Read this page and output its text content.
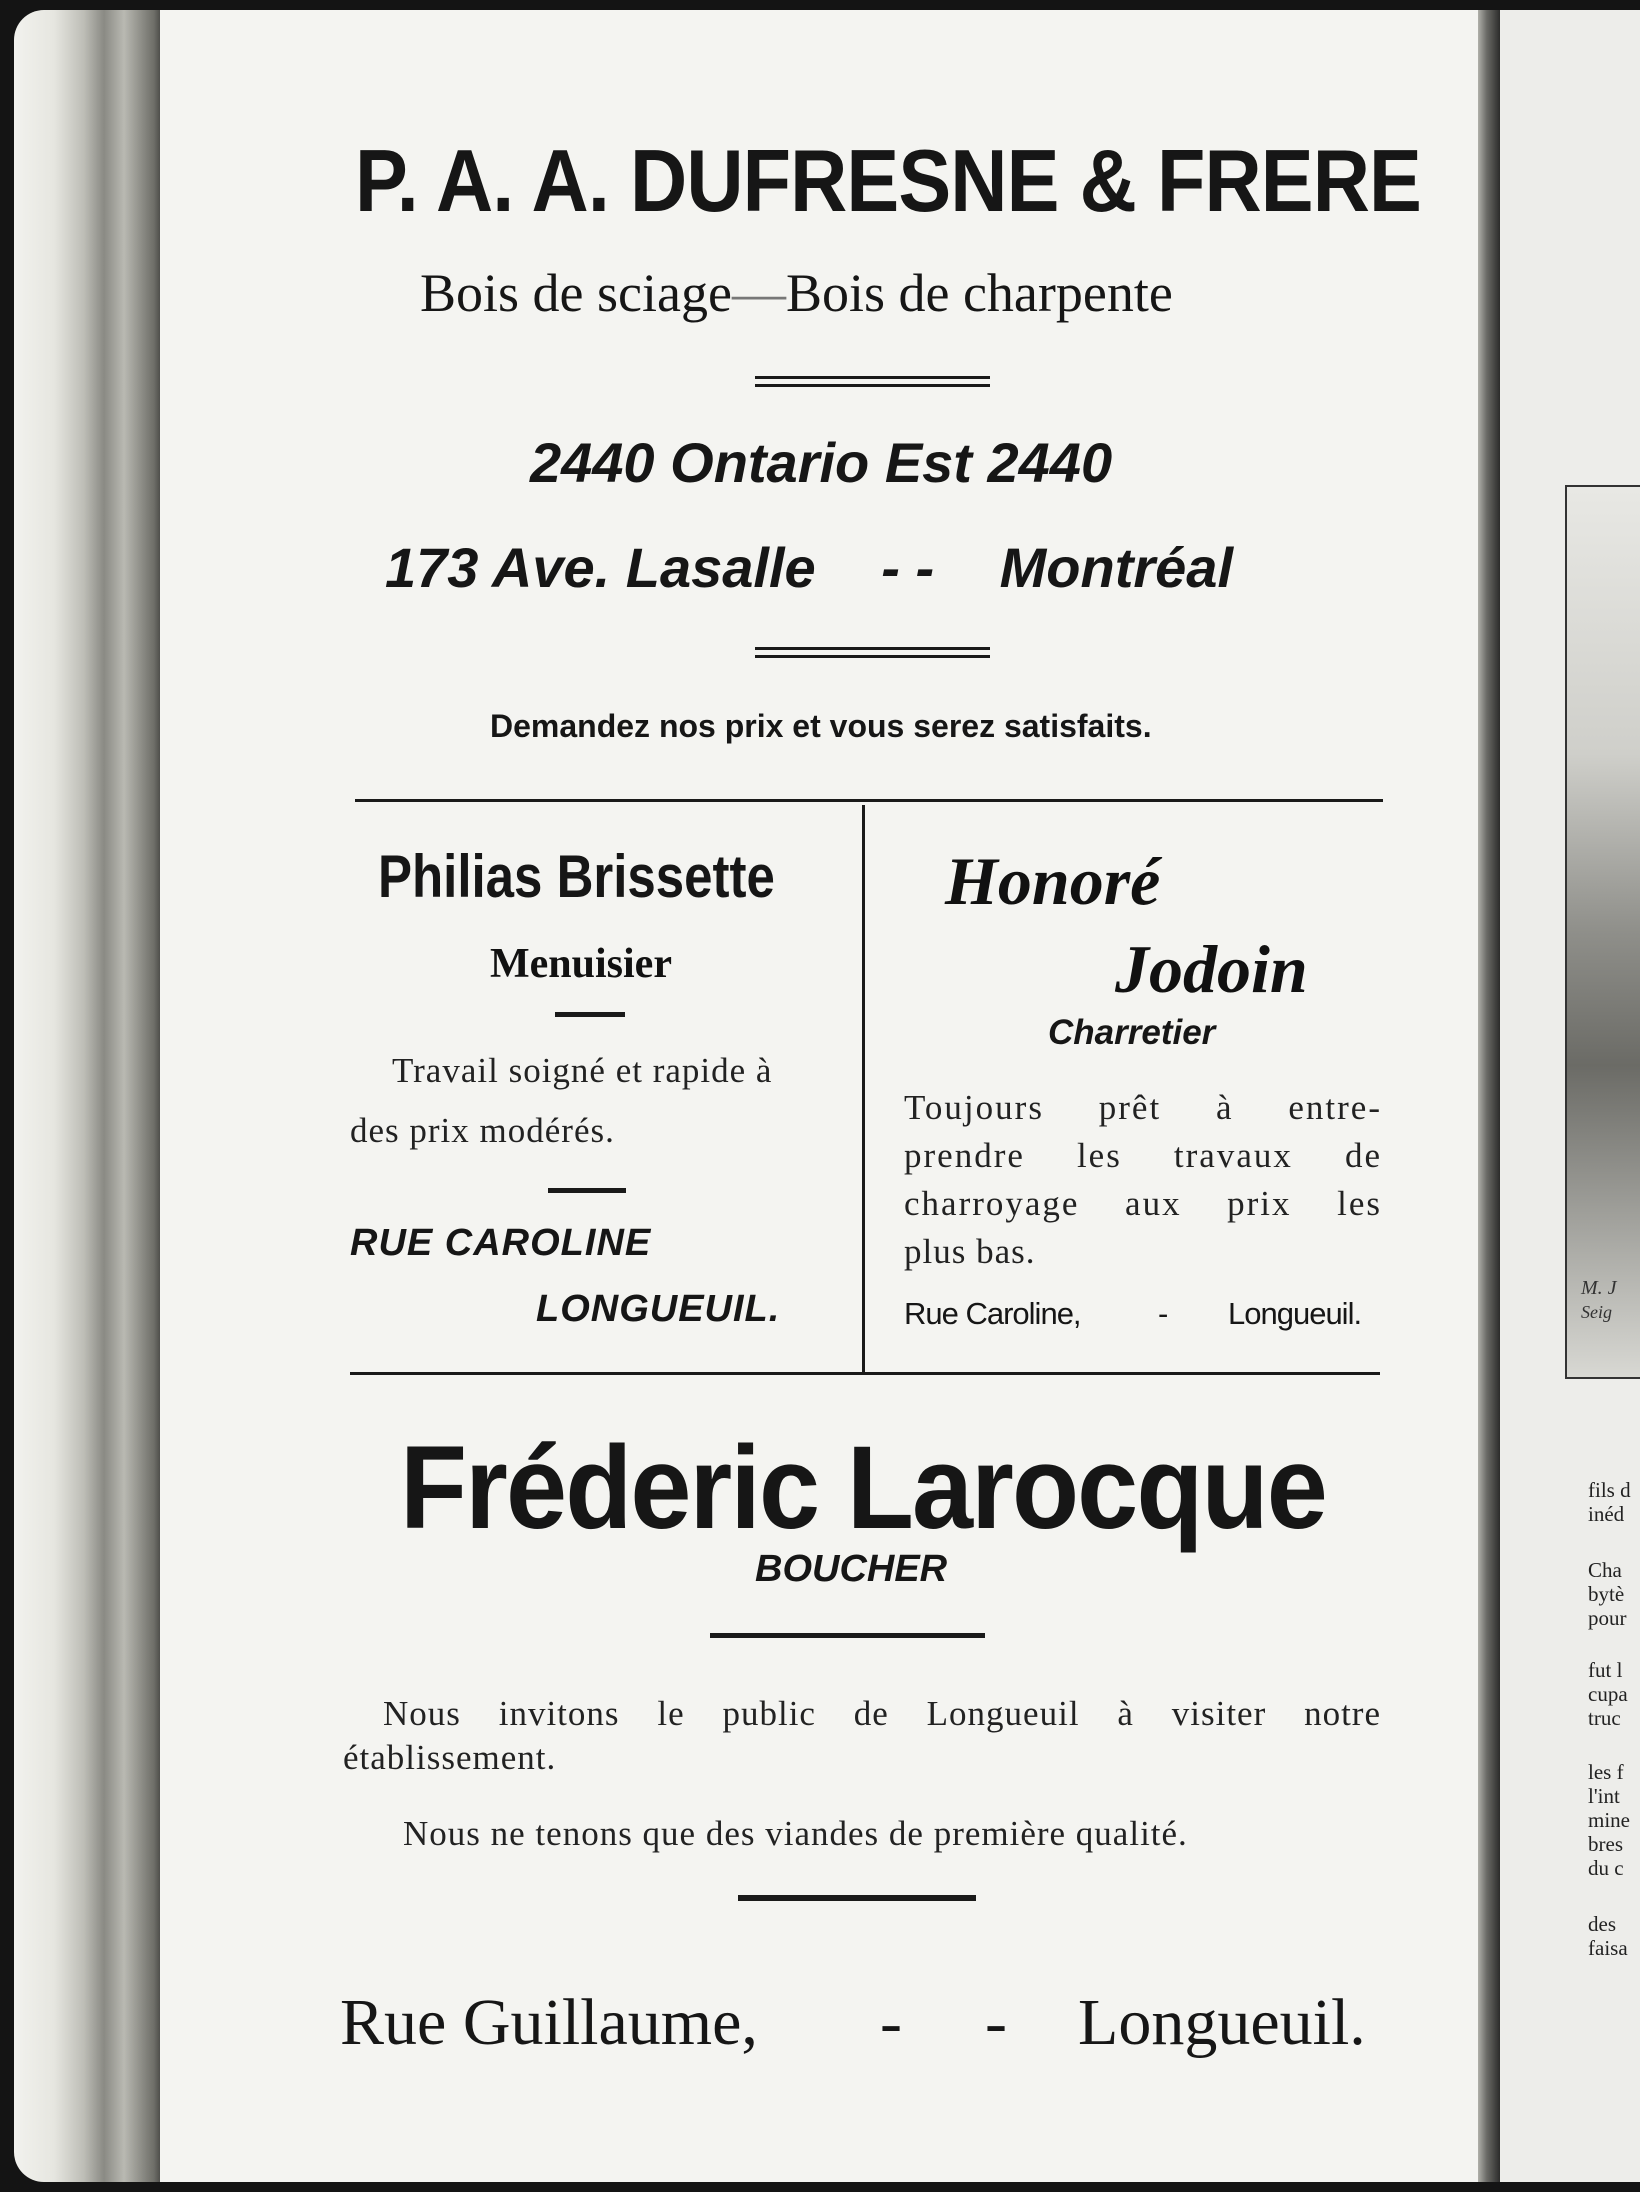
M. J
Seig
fils d
inéd
Cha
bytè
pour
fut l
cupa
truc
les f
l'int
mine
bres
du c
des
faisa
P. A. A. DUFRESNE & FRERE
Bois de sciage—Bois de charpente
2440 Ontario Est 2440
173 Ave. Lasalle - - Montréal
Demandez nos prix et vous serez satisfaits.
Philias Brissette
Menuisier
Travail soigné et rapide à
des prix modérés.
RUE CAROLINE
LONGUEUIL.
Honoré
Jodoin
Charretier
Toujours prêt à entre-
prendre les travaux de
charroyage aux prix les
plus bas.
Rue Caroline, - Longueuil.
Fréderic Larocque
BOUCHER
Nous invitons le public de Longueuil à visiter notre
établissement.
Nous ne tenons que des viandes de première qualité.
Rue Guillaume, - - Longueuil.
